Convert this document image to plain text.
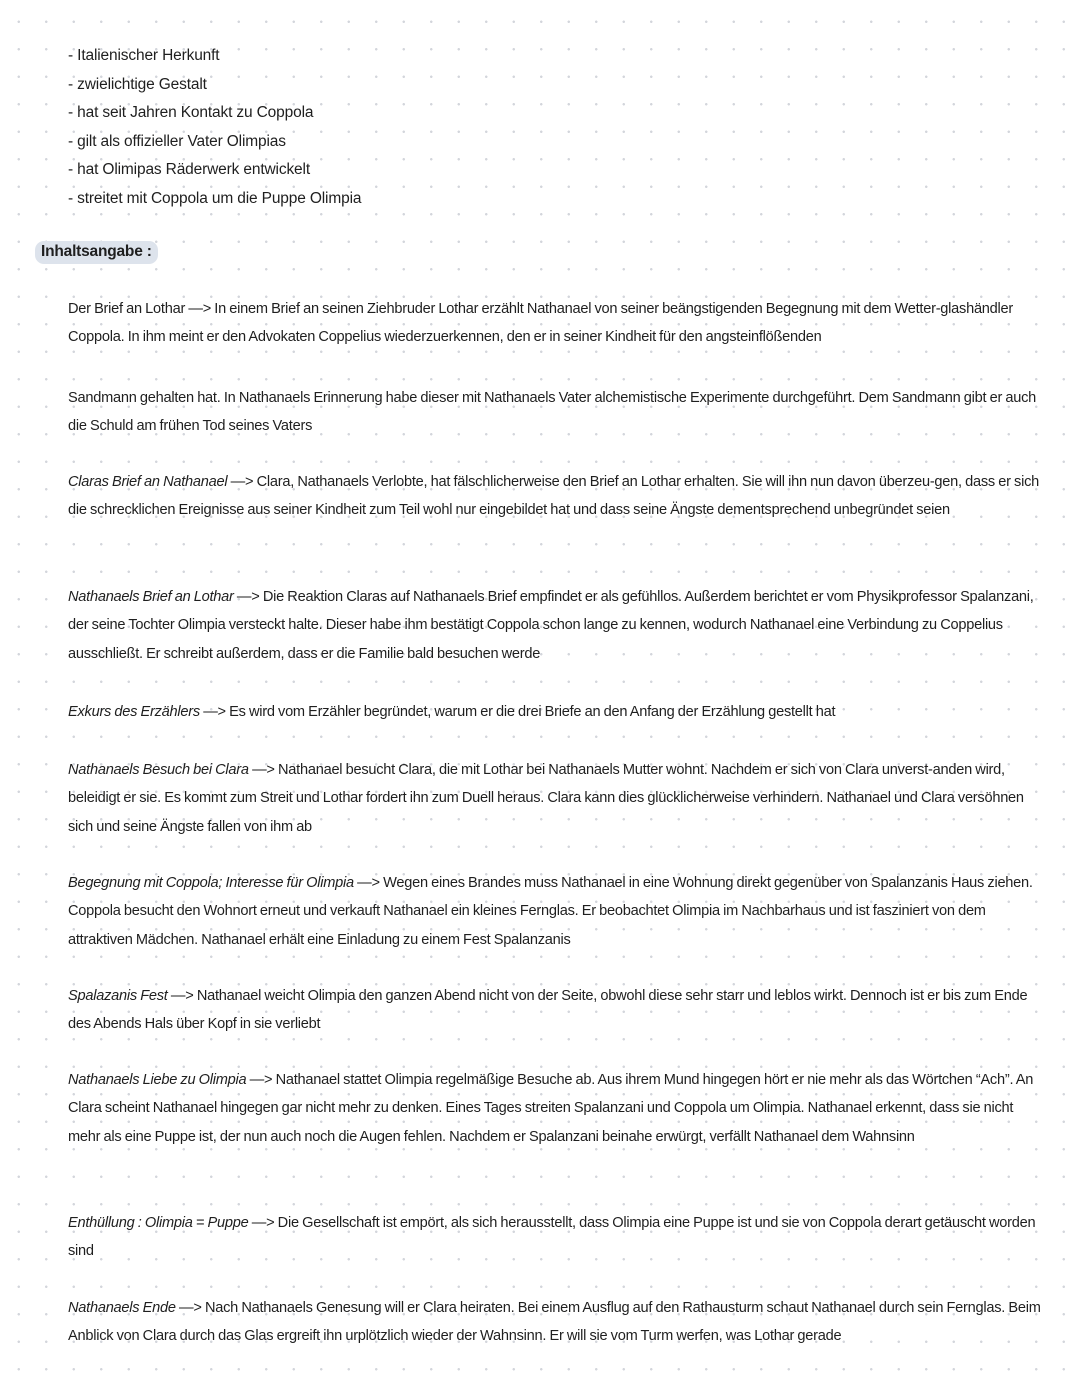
- Italienischer Herkunft
- zwielichtige Gestalt
- hat seit Jahren Kontakt zu Coppola
- gilt als offizieller Vater Olimpias
- hat Olimipas Räderwerk entwickelt
- streitet mit Coppola um die Puppe Olimpia
Inhaltsangabe :

Der Brief an Lothar —> In einem Brief an seinen Ziehbruder Lothar erzählt Nathanael von seiner beängstigenden Begegnung mit dem Wetter-glashändler Coppola. In ihm meint er den Advokaten Coppelius wiederzuerkennen, den er in seiner Kindheit für den angsteinflößenden

Sandmann gehalten hat. In Nathanaels Erinnerung habe dieser mit Nathanaels Vater alchemistische Experimente durchgeführt. Dem Sandmann gibt er auch die Schuld am frühen Tod seines Vaters

Claras Brief an Nathanael —> Clara, Nathanaels Verlobte, hat fälschlicherweise den Brief an Lothar erhalten. Sie will ihn nun davon überzeu-gen, dass er sich die schrecklichen Ereignisse aus seiner Kindheit zum Teil wohl nur eingebildet hat und dass seine Ängste dementsprechend unbegründet seien

Nathanaels Brief an Lothar —> Die Reaktion Claras auf Nathanaels Brief empfindet er als gefühllos. Außerdem berichtet er vom Physikprofessor Spalanzani, der seine Tochter Olimpia versteckt halte. Dieser habe ihm bestätigt Coppola schon lange zu kennen, wodurch Nathanael eine Verbindung zu Coppelius ausschließt. Er schreibt außerdem, dass er die Familie bald besuchen werde

Exkurs des Erzählers —> Es wird vom Erzähler begründet, warum er die drei Briefe an den Anfang der Erzählung gestellt hat

Nathanaels Besuch bei Clara —> Nathanael besucht Clara, die mit Lothar bei Nathanaels Mutter wohnt. Nachdem er sich von Clara unverst-anden wird, beleidigt er sie. Es kommt zum Streit und Lothar fordert ihn zum Duell heraus. Clara kann dies glücklicherweise verhindern. Nathanael und Clara versöhnen sich und seine Ängste fallen von ihm ab

Begegnung mit Coppola; Interesse für Olimpia —> Wegen eines Brandes muss Nathanael in eine Wohnung direkt gegenüber von Spalanzanis Haus ziehen. Coppola besucht den Wohnort erneut und verkauft Nathanael ein kleines Fernglas. Er beobachtet Olimpia im Nachbarhaus und ist fasziniert von dem attraktiven Mädchen. Nathanael erhält eine Einladung zu einem Fest Spalanzanis

Spalazanis Fest —> Nathanael weicht Olimpia den ganzen Abend nicht von der Seite, obwohl diese sehr starr und leblos wirkt. Dennoch ist er bis zum Ende des Abends Hals über Kopf in sie verliebt

Nathanaels Liebe zu Olimpia —> Nathanael stattet Olimpia regelmäßige Besuche ab. Aus ihrem Mund hingegen hört er nie mehr als das Wörtchen “Ach”. An Clara scheint Nathanael hingegen gar nicht mehr zu denken. Eines Tages streiten Spalanzani und Coppola um Olimpia. Nathanael erkennt, dass sie nicht mehr als eine Puppe ist, der nun auch noch die Augen fehlen. Nachdem er Spalanzani beinahe erwürgt, verfällt Nathanael dem Wahnsinn

Enthüllung : Olimpia = Puppe —> Die Gesellschaft ist empört, als sich herausstellt, dass Olimpia eine Puppe ist und sie von Coppola derart getäuscht worden sind

Nathanaels Ende —> Nach Nathanaels Genesung will er Clara heiraten. Bei einem Ausflug auf den Rathausturm schaut Nathanael durch sein Fernglas. Beim Anblick von Clara durch das Glas ergreift ihn urplötzlich wieder der Wahnsinn. Er will sie vom Turm werfen, was Lothar gerade
